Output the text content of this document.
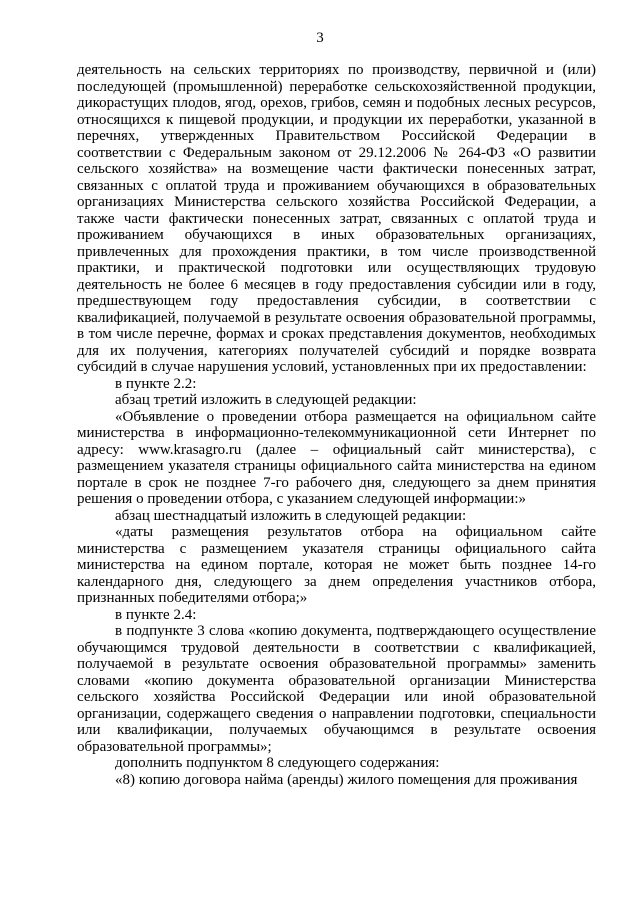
3

деятельность на сельских территориях по производству, первичной и (или) последующей (промышленной) переработке сельскохозяйственной продукции, дикорастущих плодов, ягод, орехов, грибов, семян и подобных лесных ресурсов, относящихся к пищевой продукции, и продукции их переработки, указанной в перечнях, утвержденных Правительством Российской Федерации в соответствии с Федеральным законом от 29.12.2006 № 264-ФЗ «О развитии сельского хозяйства» на возмещение части фактически понесенных затрат, связанных с оплатой труда и проживанием обучающихся в образовательных организациях Министерства сельского хозяйства Российской Федерации, а также части фактически понесенных затрат, связанных с оплатой труда и проживанием обучающихся в иных образовательных организациях, привлеченных для прохождения практики, в том числе производственной практики, и практической подготовки или осуществляющих трудовую деятельность не более 6 месяцев в году предоставления субсидии или в году, предшествующем году предоставления субсидии, в соответствии с квалификацией, получаемой в результате освоения образовательной программы, в том числе перечне, формах и сроках представления документов, необходимых для их получения, категориях получателей субсидий и порядке возврата субсидий в случае нарушения условий, установленных при их предоставлении:

в пункте 2.2:

абзац третий изложить в следующей редакции:

«Объявление о проведении отбора размещается на официальном сайте министерства в информационно-телекоммуникационной сети Интернет по адресу: www.krasagro.ru (далее – официальный сайт министерства), с размещением указателя страницы официального сайта министерства на едином портале в срок не позднее 7-го рабочего дня, следующего за днем принятия решения о проведении отбора, с указанием следующей информации:»

абзац шестнадцатый изложить в следующей редакции:

«даты размещения результатов отбора на официальном сайте министерства с размещением указателя страницы официального сайта министерства на едином портале, которая не может быть позднее 14-го календарного дня, следующего за днем определения участников отбора, признанных победителями отбора;»

в пункте 2.4:

в подпункте 3 слова «копию документа, подтверждающего осуществление обучающимся трудовой деятельности в соответствии с квалификацией, получаемой в результате освоения образовательной программы» заменить словами «копию документа образовательной организации Министерства сельского хозяйства Российской Федерации или иной образовательной организации, содержащего сведения о направлении подготовки, специальности или квалификации, получаемых обучающимся в результате освоения образовательной программы»;

дополнить подпунктом 8 следующего содержания:

«8) копию договора найма (аренды) жилого помещения для проживания
